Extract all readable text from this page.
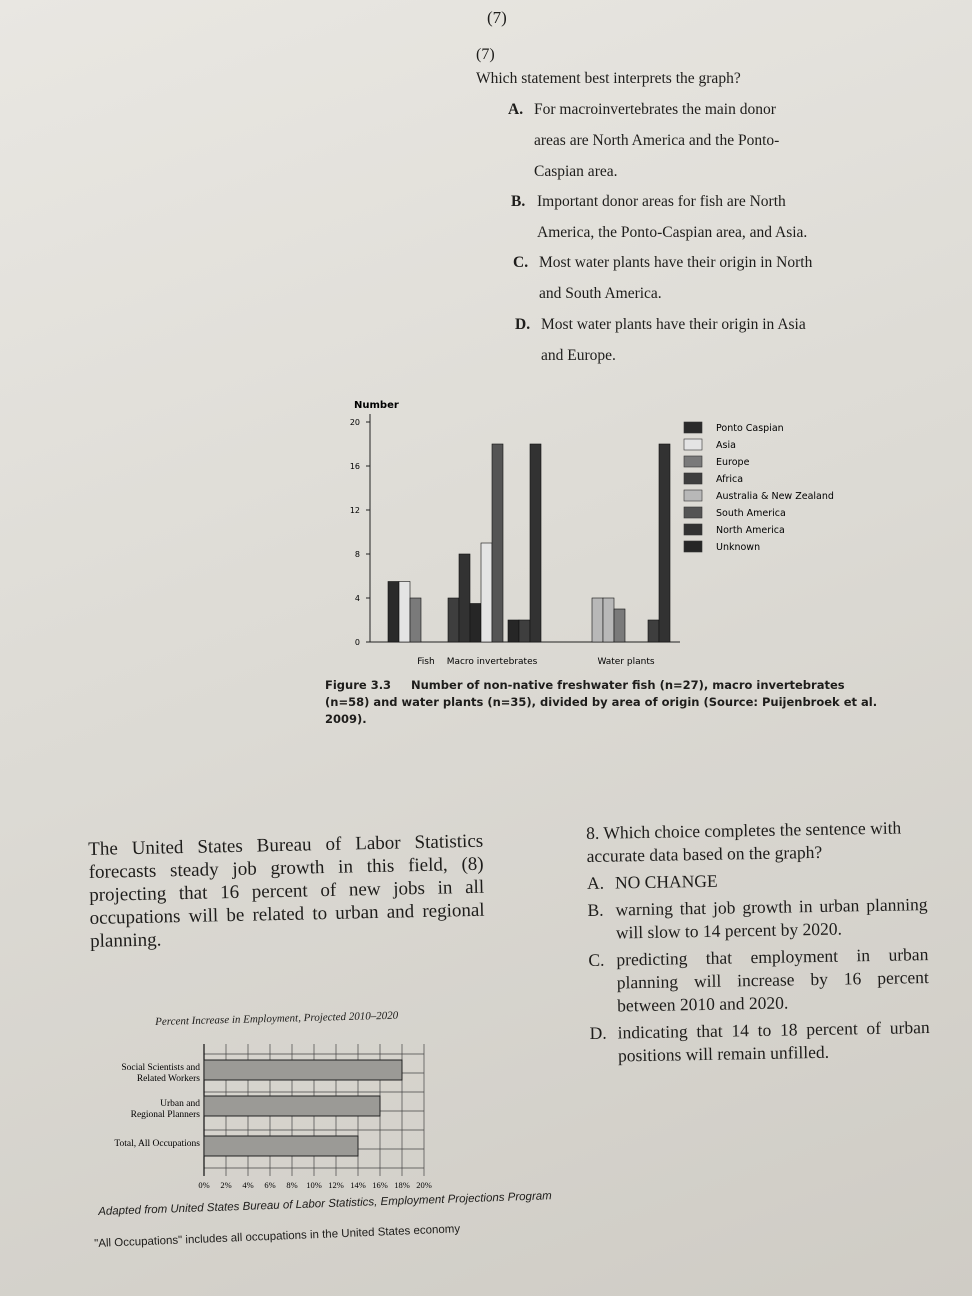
(7)
(7)
Which statement best interprets the graph?
A. For macroinvertebrates the main donor
areas are North America and the Ponto-
Caspian area.
B. Important donor areas for fish are North
America, the Ponto-Caspian area, and Asia.
C. Most water plants have their origin in North
and South America.
D. Most water plants have their origin in Asia
and Europe.
Number
0
4
8
12
16
20
Fish Macro invertebrates	Water plants
Ponto Caspian
Asia
Europe
Africa
Australia & New Zealand
South America
North America
Unknown
Figure 3.3 Number of non-native freshwater fish (n=27), macro invertebrates (n=58) and water plants (n=35), divided by area of origin (Source: Puijenbroek et al. 2009).
The United States Bureau of Labor Statistics forecasts steady job growth in this field, (8) projecting that 16 percent of new jobs in all occupations will be related to urban and regional planning.
8. Which choice completes the sentence with accurate data based on the graph?
A. NO CHANGE
B. warning that job growth in urban planning will slow to 14 percent by 2020.
C. predicting that employment in urban planning will increase by 16 percent between 2010 and 2020.
D. indicating that 14 to 18 percent of urban positions will remain unfilled.
Percent Increase in Employment, Projected 2010–2020
Social Scientists and
Related Workers
Urban and
Regional Planners
Total, All Occupations
0% 2% 4% 6% 8% 10% 12% 14% 16% 18% 20%
Adapted from United States Bureau of Labor Statistics, Employment Projections Program
"All Occupations" includes all occupations in the United States economy
